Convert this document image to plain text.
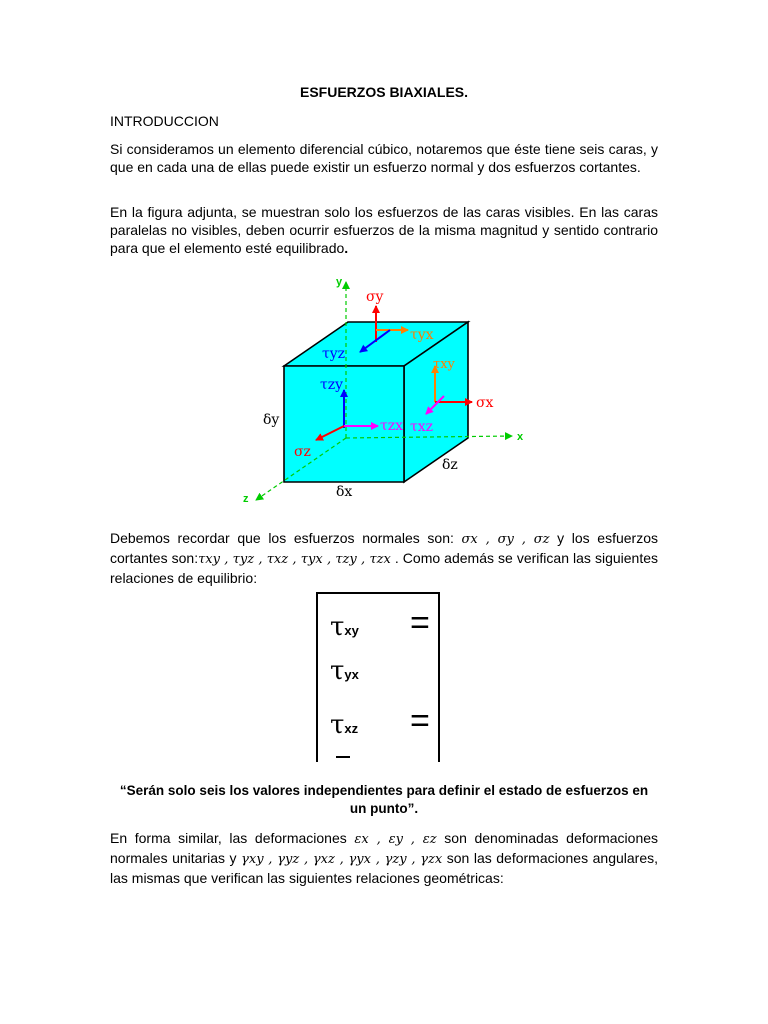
ESFUERZOS BIAXIALES.
INTRODUCCION
Si consideramos un elemento diferencial cúbico, notaremos que éste tiene seis caras, y que en cada una de ellas puede existir un esfuerzo normal y dos esfuerzos cortantes.
En la figura adjunta, se muestran solo los esfuerzos de las caras visibles. En las caras paralelas no visibles, deben ocurrir esfuerzos de la misma magnitud y sentido contrario para que el elemento esté equilibrado.
y
x
z
σy
τyx
τyz
τxy
σx
τxz
τzy
τzx
σz
δy
δz
δx
Debemos recordar que los esfuerzos normales son: σx , σy , σz y los esfuerzos cortantes son:τxy , τyz , τxz , τyx , τzy , τzx . Como además se verifican las siguientes relaciones de equilibrio:
τxy =
τyx
τxz =
“Serán solo seis los valores independientes para definir el estado de esfuerzos en un punto”.
En forma similar, las deformaciones εx , εy , εz son denominadas deformaciones normales unitarias y γxy , γyz , γxz , γyx , γzy , γzx son las deformaciones angulares, las mismas que verifican las siguientes relaciones geométricas:
